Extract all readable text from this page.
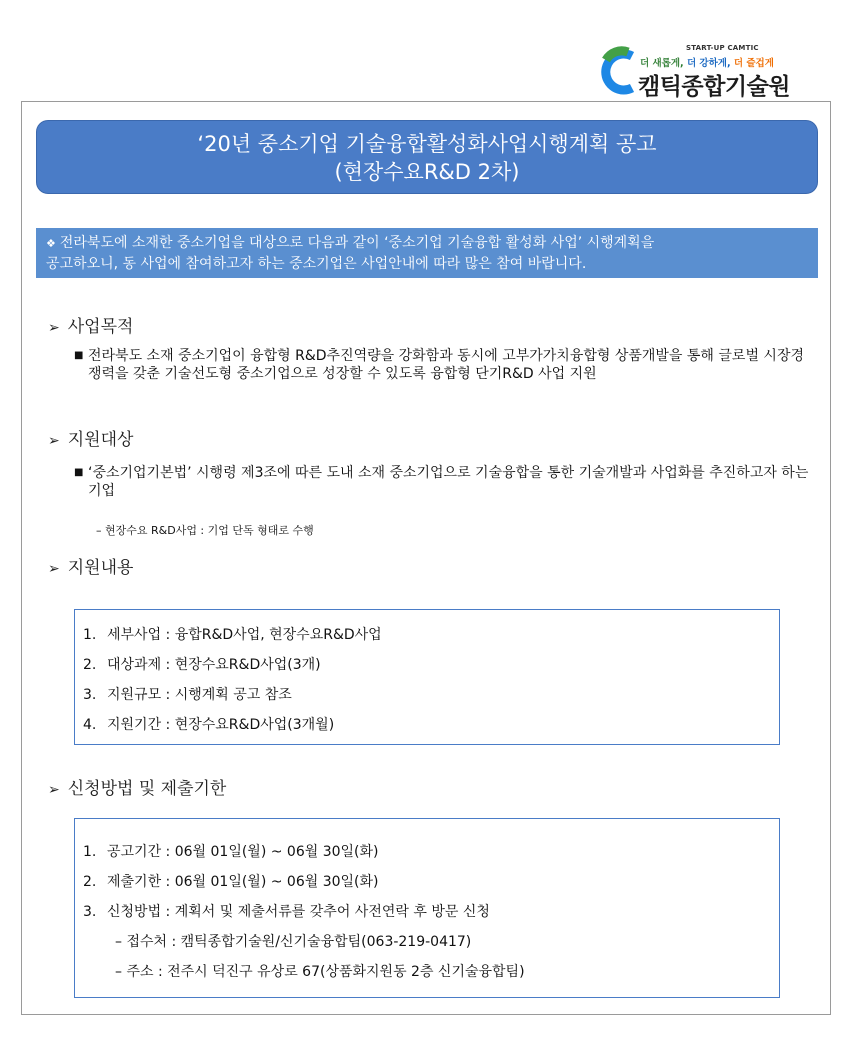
START-UP CAMTIC
더 새롭게, 더 강하게, 더 즐겁게
캠틱종합기술원
‘20년 중소기업 기술융합활성화사업시행계획 공고
(현장수요R&D 2차)
❖ 전라북도에 소재한 중소기업을 대상으로 다음과 같이 ‘중소기업 기술융합 활성화 사업’ 시행계획을
공고하오니, 동 사업에 참여하고자 하는 중소기업은 사업안내에 따라 많은 참여 바랍니다.
➢ 사업목적
■ 전라북도 소재 중소기업이 융합형 R&D추진역량을 강화함과 동시에 고부가가치융합형 상품개발을 통해 글로벌 시장경쟁력을 갖춘 기술선도형 중소기업으로 성장할 수 있도록 융합형 단기R&D 사업 지원
➢ 지원대상
■ ‘중소기업기본법’ 시행령 제3조에 따른 도내 소재 중소기업으로 기술융합을 통한 기술개발과 사업화를 추진하고자 하는 기업
– 현장수요 R&D사업 : 기업 단독 형태로 수행
➢ 지원내용
1. 세부사업 : 융합R&D사업, 현장수요R&D사업
2. 대상과제 : 현장수요R&D사업(3개)
3. 지원규모 : 시행계획 공고 참조
4. 지원기간 : 현장수요R&D사업(3개월)
➢ 신청방법 및 제출기한
1. 공고기간 : 06월 01일(월) ~ 06월 30일(화)
2. 제출기한 : 06월 01일(월) ~ 06월 30일(화)
3. 신청방법 : 계획서 및 제출서류를 갖추어 사전연락 후 방문 신청
– 접수처 : 캠틱종합기술원/신기술융합팀(063-219-0417)
– 주소 : 전주시 덕진구 유상로 67(상품화지원동 2층 신기술융합팀)
